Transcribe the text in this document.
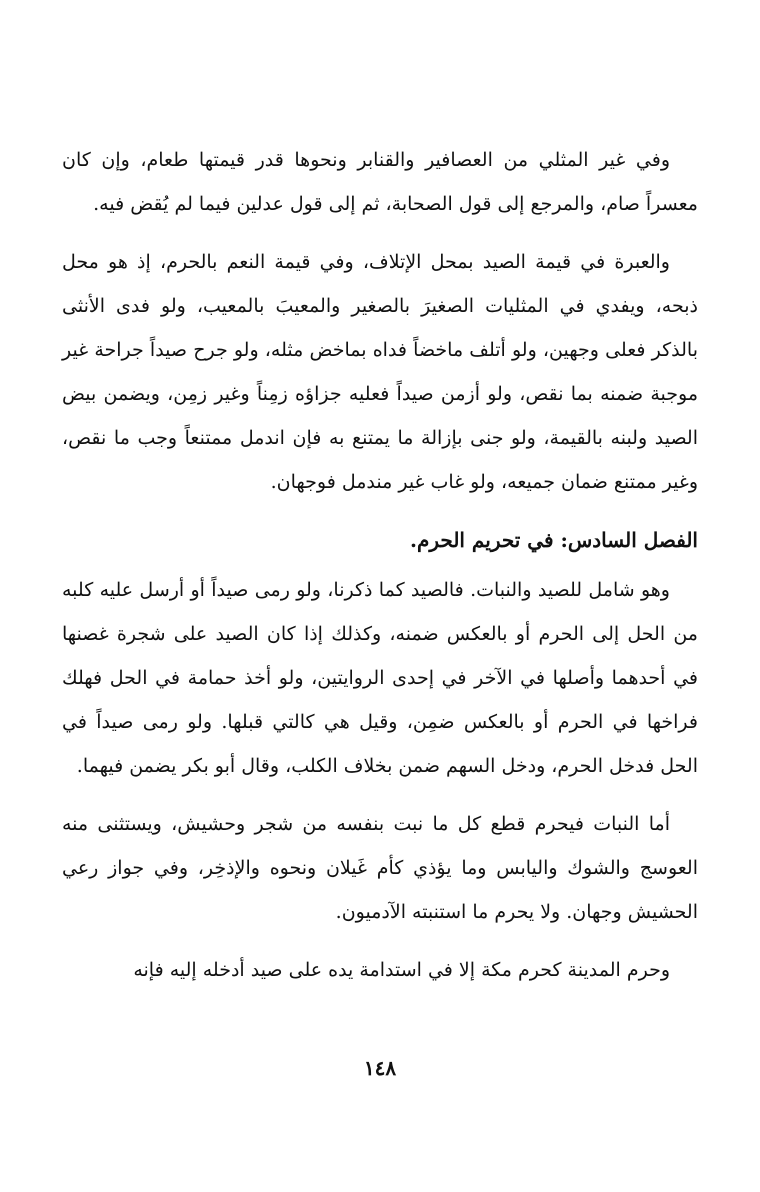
وفي غير المثلي من العصافير والقنابر ونحوها قدر قيمتها طعام، وإن كان معسراً صام، والمرجع إلى قول الصحابة، ثم إلى قول عدلين فيما لم يُقض فيه.

والعبرة في قيمة الصيد بمحل الإتلاف، وفي قيمة النعم بالحرم، إذ هو محل ذبحه، ويفدي في المثليات الصغيرَ بالصغير والمعيبَ بالمعيب، ولو فدى الأنثى بالذكر فعلى وجهين، ولو أتلف ماخضاً فداه بماخض مثله، ولو جرح صيداً جراحة غير موجبة ضمنه بما نقص، ولو أزمن صيداً فعليه جزاؤه زمِناً وغير زمِن، ويضمن بيض الصيد ولبنه بالقيمة، ولو جنى بإزالة ما يمتنع به فإن اندمل ممتنعاً وجب ما نقص، وغير ممتنع ضمان جميعه، ولو غاب غير مندمل فوجهان.

الفصل السادس: في تحريم الحرم.

وهو شامل للصيد والنبات. فالصيد كما ذكرنا، ولو رمى صيداً أو أرسل عليه كلبه من الحل إلى الحرم أو بالعكس ضمنه، وكذلك إذا كان الصيد على شجرة غصنها في أحدهما وأصلها في الآخر في إحدى الروايتين، ولو أخذ حمامة في الحل فهلك فراخها في الحرم أو بالعكس ضمِن، وقيل هي كالتي قبلها. ولو رمى صيداً في الحل فدخل الحرم، ودخل السهم ضمن بخلاف الكلب، وقال أبو بكر يضمن فيهما.

أما النبات فيحرم قطع كل ما نبت بنفسه من شجر وحشيش، ويستثنى منه العوسج والشوك واليابس وما يؤذي كأم غَيلان ونحوه والإذخِر، وفي جواز رعي الحشيش وجهان. ولا يحرم ما استنبته الآدميون.

وحرم المدينة كحرم مكة إلا في استدامة يده على صيد أدخله إليه فإنه

١٤٨
